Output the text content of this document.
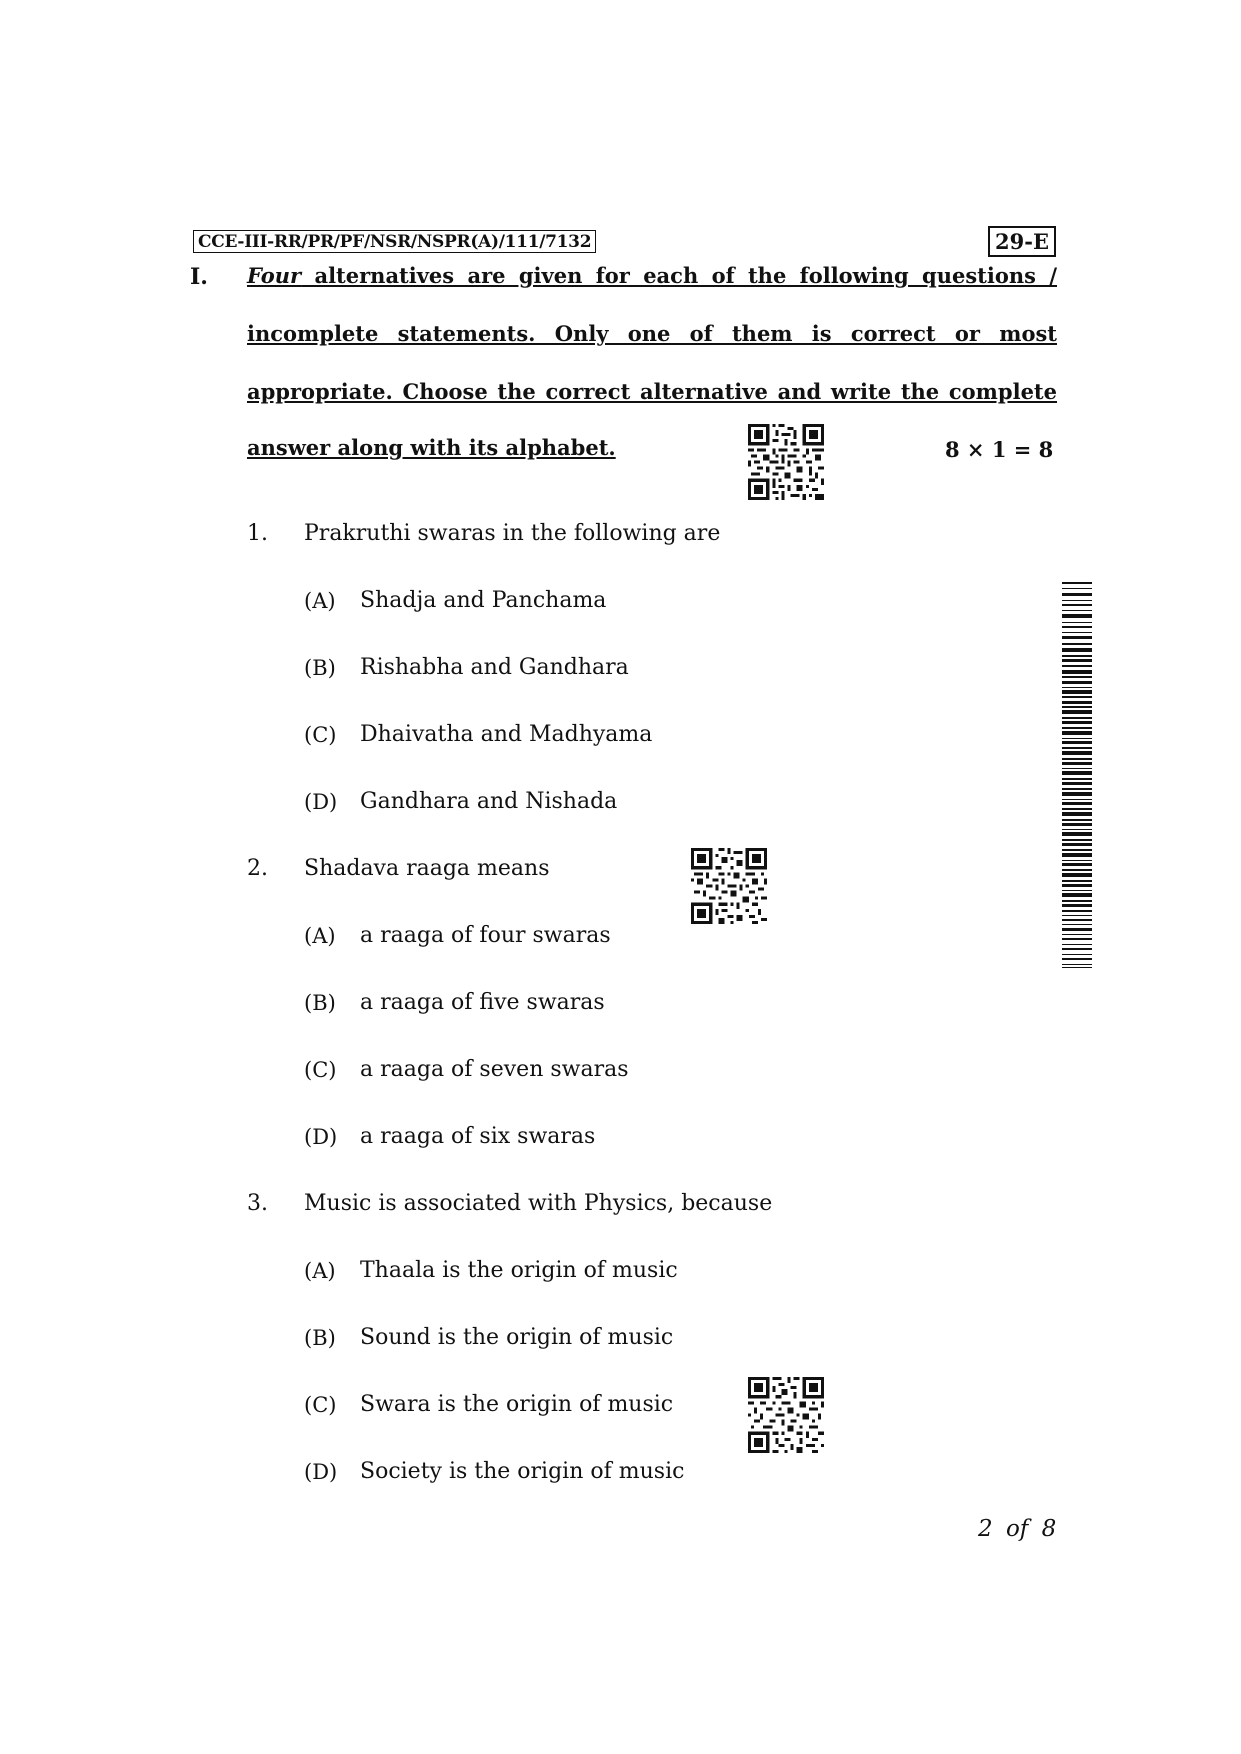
CCE-III-RR/PR/PF/NSR/NSPR(A)/111/7132	29-E
I. Four alternatives are given for each of the following questions /
incomplete statements. Only one of them is correct or most
appropriate. Choose the correct alternative and write the complete
answer along with its alphabet.	8 × 1 = 8
1. Prakruthi swaras in the following are
(A) Shadja and Panchama
(B) Rishabha and Gandhara
(C) Dhaivatha and Madhyama
(D) Gandhara and Nishada
2. Shadava raaga means
(A) a raaga of four swaras
(B) a raaga of five swaras
(C) a raaga of seven swaras
(D) a raaga of six swaras
3. Music is associated with Physics, because
(A) Thaala is the origin of music
(B) Sound is the origin of music
(C) Swara is the origin of music
(D) Society is the origin of music
2 of 8
